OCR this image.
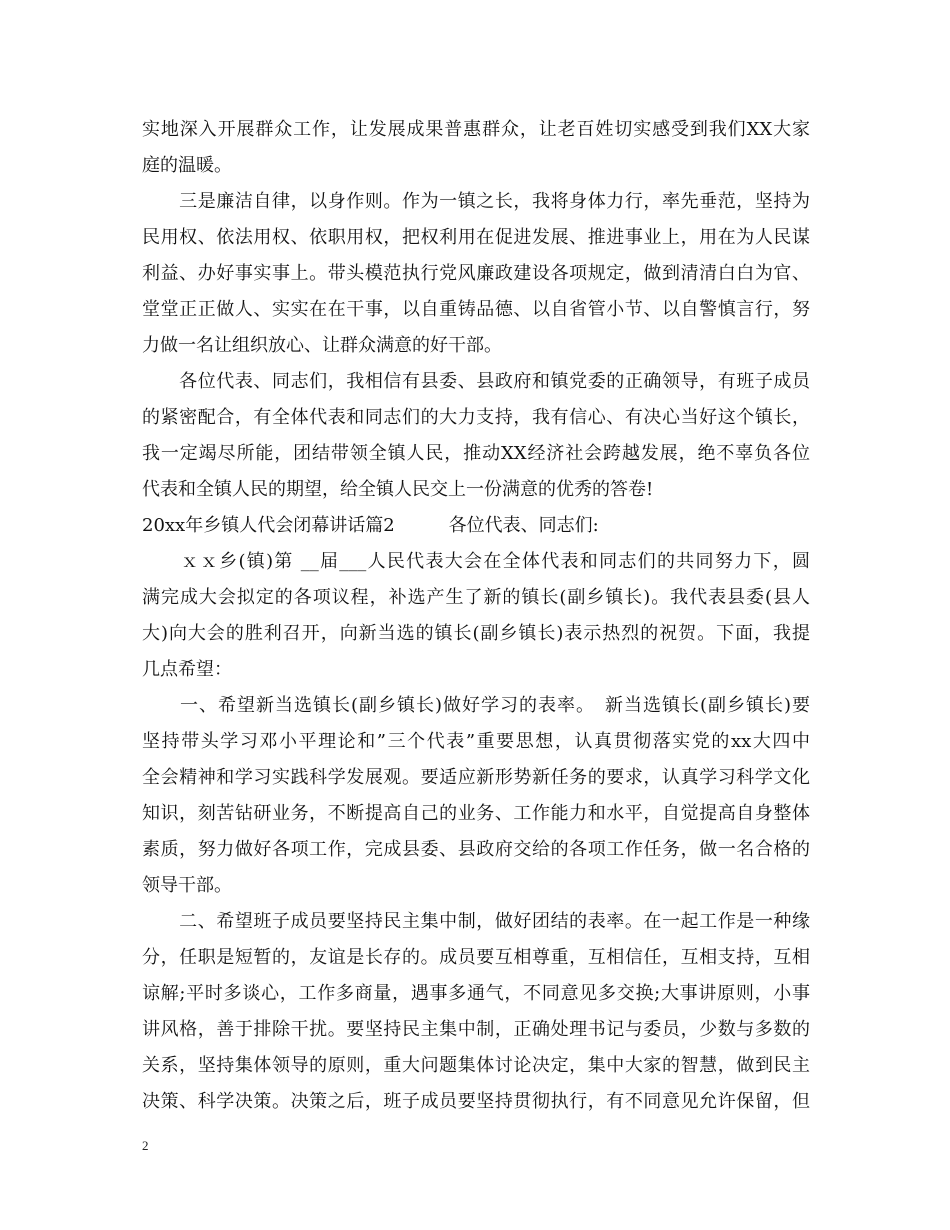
实地深入开展群众工作，让发展成果普惠群众，让老百姓切实感受到我们XX大家
庭的温暖。
　　三是廉洁自律，以身作则。作为一镇之长，我将身体力行，率先垂范，坚持为
民用权、依法用权、依职用权，把权利用在促进发展、推进事业上，用在为人民谋
利益、办好事实事上。带头模范执行党风廉政建设各项规定，做到清清白白为官、
堂堂正正做人、实实在在干事，以自重铸品德、以自省管小节、以自警慎言行，努
力做一名让组织放心、让群众满意的好干部。
　　各位代表、同志们，我相信有县委、县政府和镇党委的正确领导，有班子成员
的紧密配合，有全体代表和同志们的大力支持，我有信心、有决心当好这个镇长，
我一定竭尽所能，团结带领全镇人民，推动XX经济社会跨越发展，绝不辜负各位
代表和全镇人民的期望，给全镇人民交上一份满意的优秀的答卷!
20xx年乡镇人代会闭幕讲话篇2　　　各位代表、同志们:
　　ｘｘ乡(镇)第 __届___人民代表大会在全体代表和同志们的共同努力下，圆
满完成大会拟定的各项议程，补选产生了新的镇长(副乡镇长)。我代表县委(县人
大)向大会的胜利召开，向新当选的镇长(副乡镇长)表示热烈的祝贺。下面，我提
几点希望：
　　一、希望新当选镇长(副乡镇长)做好学习的表率。　新当选镇长(副乡镇长)要
坚持带头学习邓小平理论和”三个代表”重要思想，认真贯彻落实党的xx大四中
全会精神和学习实践科学发展观。要适应新形势新任务的要求，认真学习科学文化
知识，刻苦钻研业务，不断提高自己的业务、工作能力和水平，自觉提高自身整体
素质，努力做好各项工作，完成县委、县政府交给的各项工作任务，做一名合格的
领导干部。
　　二、希望班子成员要坚持民主集中制，做好团结的表率。在一起工作是一种缘
分，任职是短暂的，友谊是长存的。成员要互相尊重，互相信任，互相支持，互相
谅解;平时多谈心，工作多商量，遇事多通气，不同意见多交换;大事讲原则，小事
讲风格，善于排除干扰。要坚持民主集中制，正确处理书记与委员，少数与多数的
关系，坚持集体领导的原则，重大问题集体讨论决定，集中大家的智慧，做到民主
决策、科学决策。决策之后，班子成员要坚持贯彻执行，有不同意见允许保留，但
2
